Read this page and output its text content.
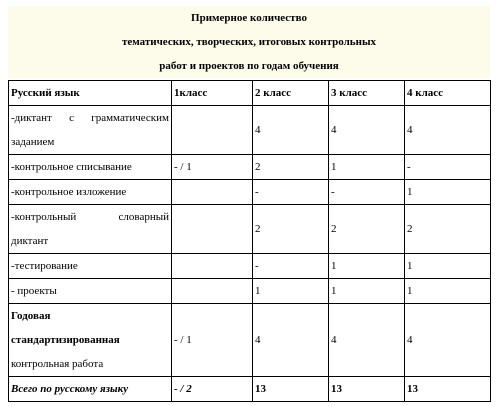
Примерное количество
тематических, творческих, итоговых контрольных
работ и проектов по годам обучения
Русский язык	1класс	2 класс	3 класс	4 класс

-диктант с грамматическим
заданием		4	4	4
-контрольное списывание	- / 1	2	1	-
-контрольное изложение		-	-	1

-контрольный словарный
диктант		2	2	2
-тестирование		-	1	1
- проекты		1	1	1

Годовая
стандартизированная
контрольная работа	- / 1	4	4	4
Всего по русскому языку	- / 2	13	13	13
